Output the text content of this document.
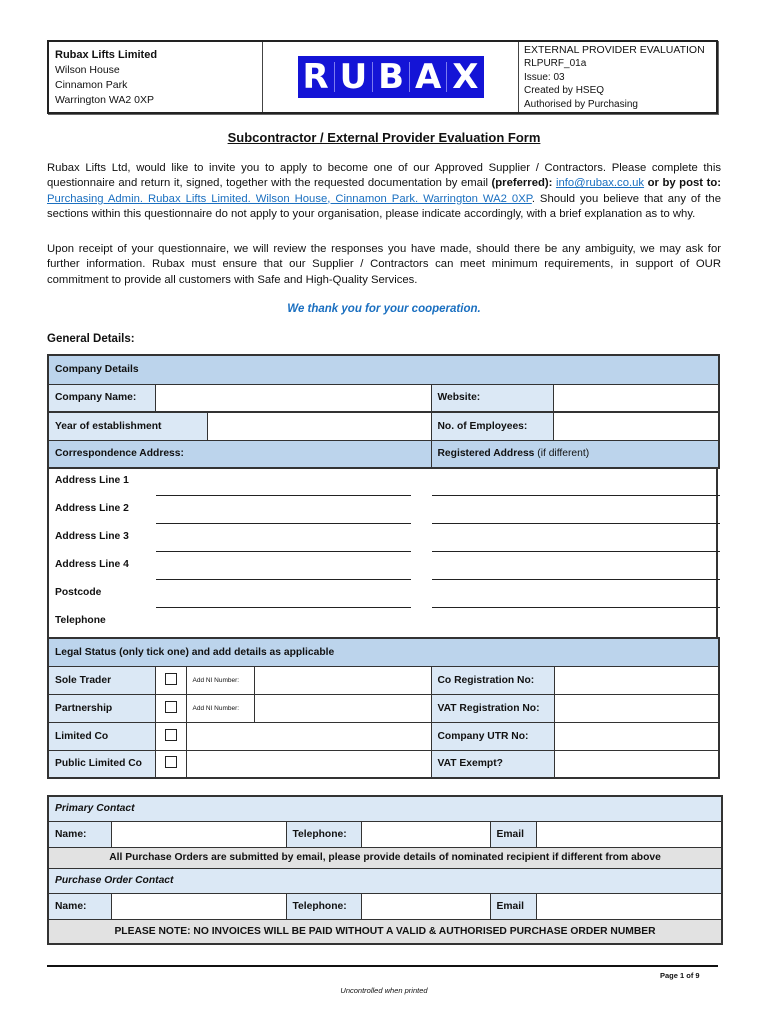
Rubax Lifts Limited
Wilson House
Cinnamon Park
Warrington WA2 0XP
R U B A X
EXTERNAL PROVIDER EVALUATION
RLPURF_01a
Issue: 03
Created by HSEQ
Authorised by Purchasing
Subcontractor / External Provider Evaluation Form
Rubax Lifts Ltd, would like to invite you to apply to become one of our Approved Supplier / Contractors. Please complete this questionnaire and return it, signed, together with the requested documentation by email (preferred): info@rubax.co.uk or by post to: Purchasing Admin. Rubax Lifts Limited. Wilson House, Cinnamon Park. Warrington WA2 0XP. Should you believe that any of the sections within this questionnaire do not apply to your organisation, please indicate accordingly, with a brief explanation as to why.
Upon receipt of your questionnaire, we will review the responses you have made, should there be any ambiguity, we may ask for further information. Rubax must ensure that our Supplier / Contractors can meet minimum requirements, in support of OUR commitment to provide all customers with Safe and High-Quality Services.
We thank you for your cooperation.
General Details:
Company Details
Company Name:		Website:	
Year of establishment		No. of Employees:	
Correspondence Address:		Registered Address (if different)	
Address Line 1
Address Line 2
Address Line 3
Address Line 4
Postcode
Telephone
Legal Status (only tick one) and add details as applicable					
Sole Trader		Add NI Number:		Co Registration No:	
Partnership		Add NI Number:		VAT Registration No:	
Limited Co				Company UTR No:	
Public Limited Co				VAT Exempt?	
Primary Contact					
Name:		Telephone:		Email	
All Purchase Orders are submitted by email, please provide details of nominated recipient if different from above					
Purchase Order Contact					
Name:		Telephone:		Email	
PLEASE NOTE: NO INVOICES WILL BE PAID WITHOUT A VALID & AUTHORISED PURCHASE ORDER NUMBER					
Page 1 of 9
Uncontrolled when printed
